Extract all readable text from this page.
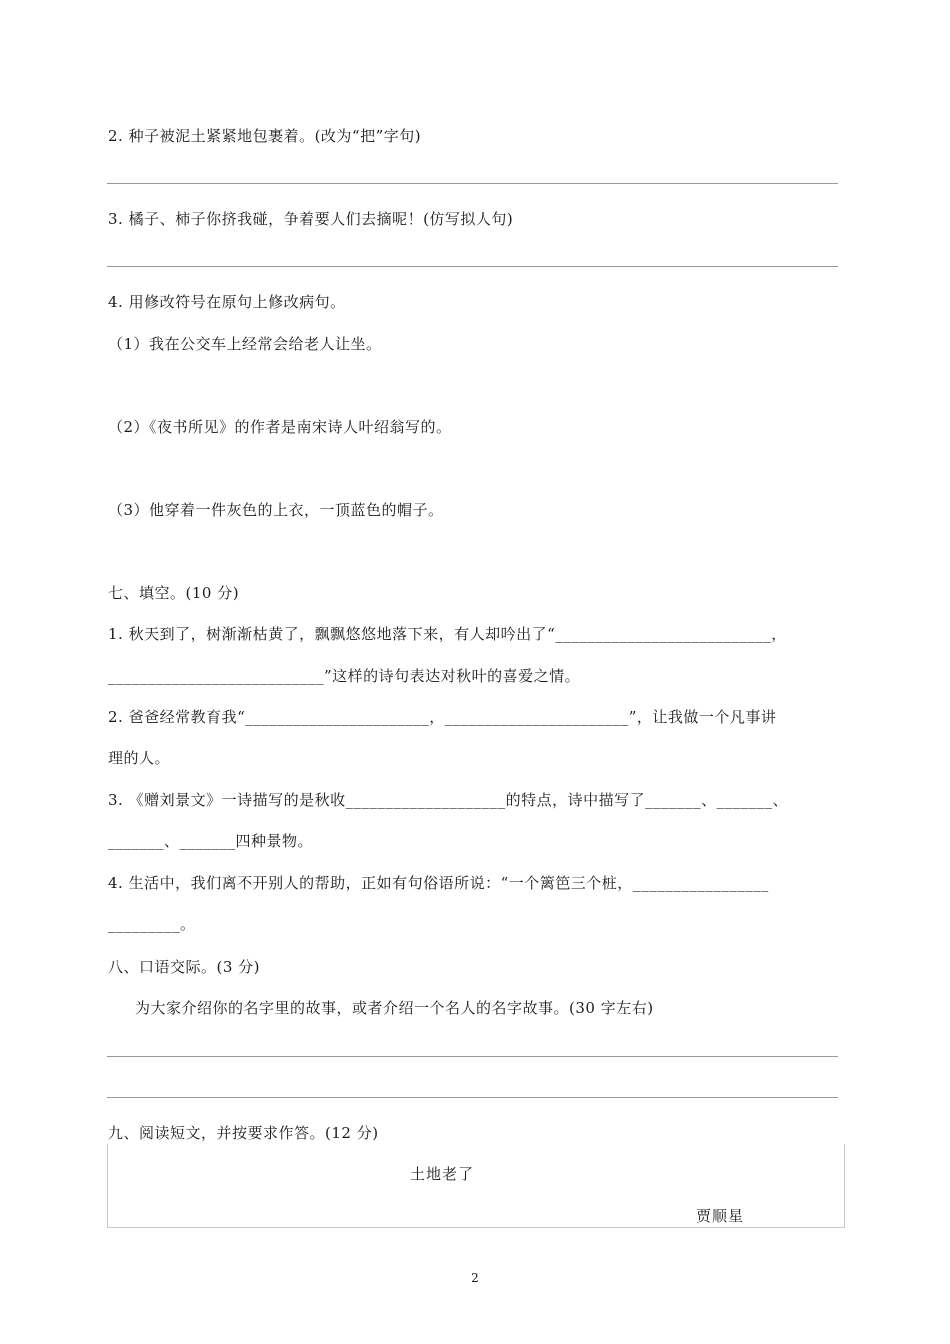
2. 种子被泥土紧紧地包裹着。(改为“把”字句)
3. 橘子、柿子你挤我碰，争着要人们去摘呢！(仿写拟人句)
4. 用修改符号在原句上修改病句。
（1）我在公交车上经常会给老人让坐。
（2）《夜书所见》的作者是南宋诗人叶绍翁写的。
（3）他穿着一件灰色的上衣，一顶蓝色的帽子。
七、填空。(10 分)
1. 秋天到了，树渐渐枯黄了，飘飘悠悠地落下来，有人却吟出了“___________________________，
___________________________”这样的诗句表达对秋叶的喜爱之情。
2. 爸爸经常教育我“_______________________，_______________________”，让我做一个凡事讲
理的人。
3. 《赠刘景文》一诗描写的是秋收____________________的特点，诗中描写了_______、_______、
_______、_______四种景物。
4. 生活中，我们离不开别人的帮助，正如有句俗语所说：“一个篱笆三个桩，_________________
_________。
八、口语交际。(3 分)
为大家介绍你的名字里的故事，或者介绍一个名人的名字故事。(30 字左右)
九、阅读短文，并按要求作答。(12 分)
土地老了
贾顺星
2
